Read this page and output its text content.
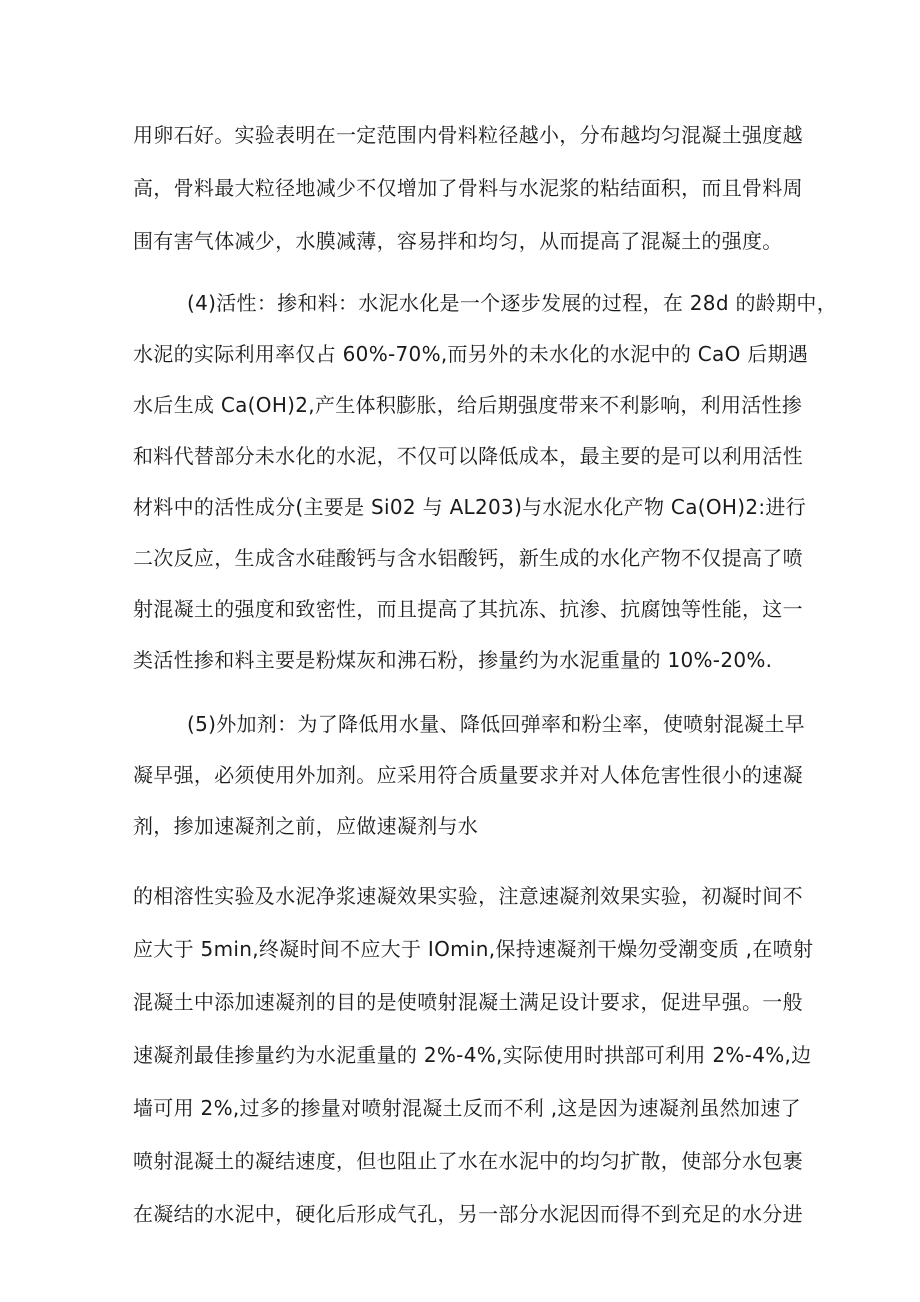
用卵石好。实验表明在一定范围内骨料粒径越小，分布越均匀混凝土强度越
高，骨料最大粒径地减少不仅增加了骨料与水泥浆的粘结面积，而且骨料周
围有害气体减少，水膜减薄，容易拌和均匀，从而提高了混凝土的强度。
(4)活性：掺和料：水泥水化是一个逐步发展的过程，在 28d 的龄期中，
水泥的实际利用率仅占 60%-70%,而另外的未水化的水泥中的 CaO 后期遇
水后生成 Ca(OH)2,产生体积膨胀，给后期强度带来不利影响，利用活性掺
和料代替部分未水化的水泥，不仅可以降低成本，最主要的是可以利用活性
材料中的活性成分(主要是 Si02 与 AL203)与水泥水化产物 Ca(OH)2:进行
二次反应，生成含水硅酸钙与含水铝酸钙，新生成的水化产物不仅提高了喷
射混凝土的强度和致密性，而且提高了其抗冻、抗渗、抗腐蚀等性能，这一
类活性掺和料主要是粉煤灰和沸石粉，掺量约为水泥重量的 10%-20%.
(5)外加剂：为了降低用水量、降低回弹率和粉尘率，使喷射混凝土早
凝早强，必须使用外加剂。应采用符合质量要求并对人体危害性很小的速凝
剂，掺加速凝剂之前，应做速凝剂与水
的相溶性实验及水泥净浆速凝效果实验，注意速凝剂效果实验，初凝时间不
应大于 5min,终凝时间不应大于 IOmin,保持速凝剂干燥勿受潮变质 ,在喷射
混凝土中添加速凝剂的目的是使喷射混凝土满足设计要求，促进早强。一般
速凝剂最佳掺量约为水泥重量的 2%-4%,实际使用时拱部可利用 2%-4%,边
墙可用 2%,过多的掺量对喷射混凝土反而不利 ,这是因为速凝剂虽然加速了
喷射混凝土的凝结速度，但也阻止了水在水泥中的均匀扩散，使部分水包裹
在凝结的水泥中，硬化后形成气孔，另一部分水泥因而得不到充足的水分进
